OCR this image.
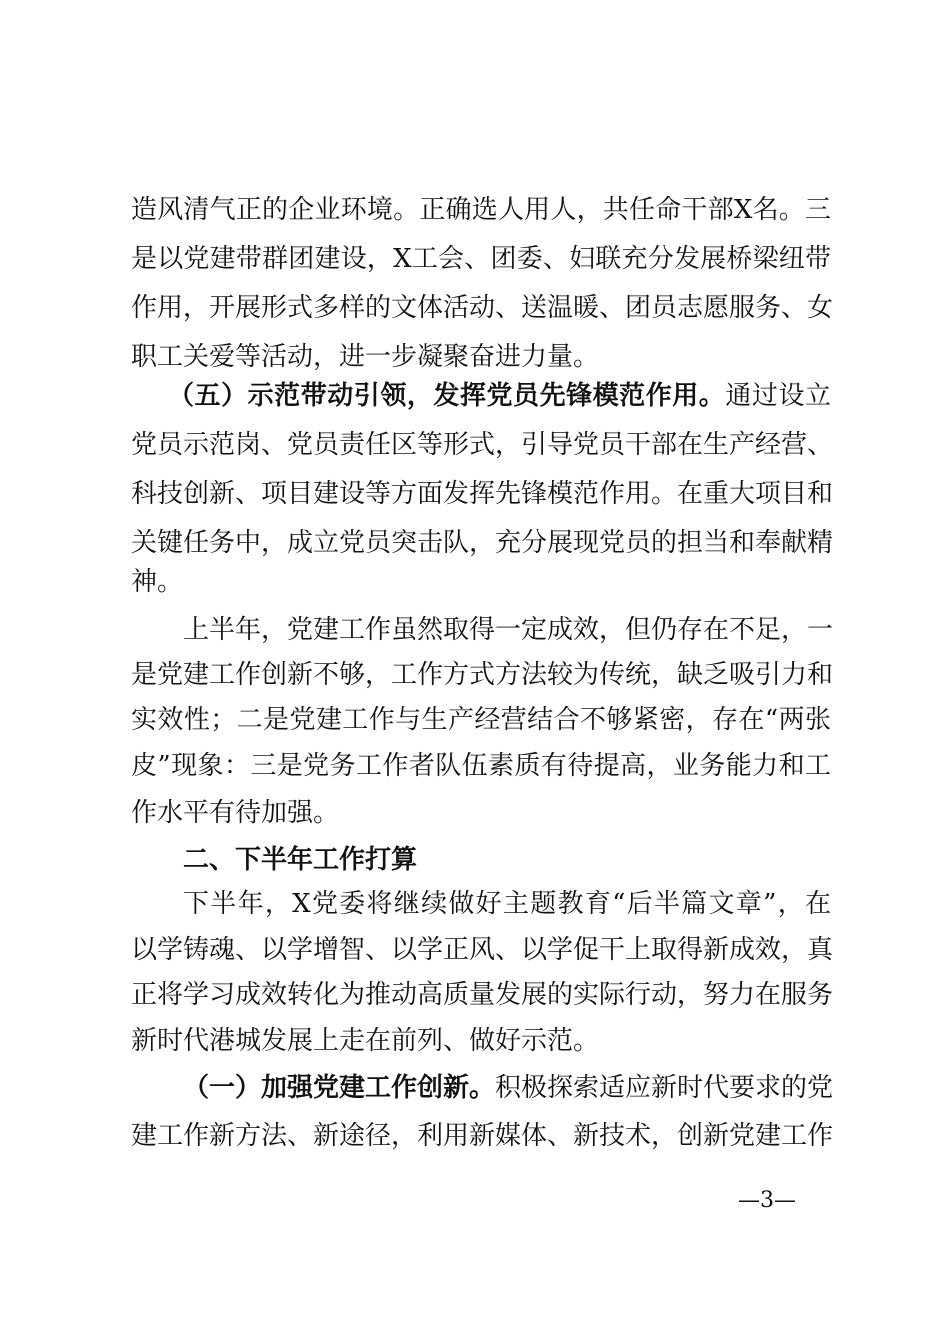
造风清气正的企业环境。正确选人用人，共任命干部X名。三
是以党建带群团建设，X工会、团委、妇联充分发展桥梁纽带
作用，开展形式多样的文体活动、送温暖、团员志愿服务、女
职工关爱等活动，进一步凝聚奋进力量。
（五）示范带动引领，发挥党员先锋模范作用。通过设立
党员示范岗、党员责任区等形式，引导党员干部在生产经营、
科技创新、项目建设等方面发挥先锋模范作用。在重大项目和
关键任务中，成立党员突击队，充分展现党员的担当和奉献精
神。
上半年，党建工作虽然取得一定成效，但仍存在不足，一
是党建工作创新不够，工作方式方法较为传统，缺乏吸引力和
实效性；二是党建工作与生产经营结合不够紧密，存在“两张
皮”现象：三是党务工作者队伍素质有待提高，业务能力和工
作水平有待加强。
二、下半年工作打算
下半年，X党委将继续做好主题教育“后半篇文章”，在
以学铸魂、以学增智、以学正风、以学促干上取得新成效，真
正将学习成效转化为推动高质量发展的实际行动，努力在服务
新时代港城发展上走在前列、做好示范。
（一）加强党建工作创新。积极探索适应新时代要求的党
建工作新方法、新途径，利用新媒体、新技术，创新党建工作
—3—
